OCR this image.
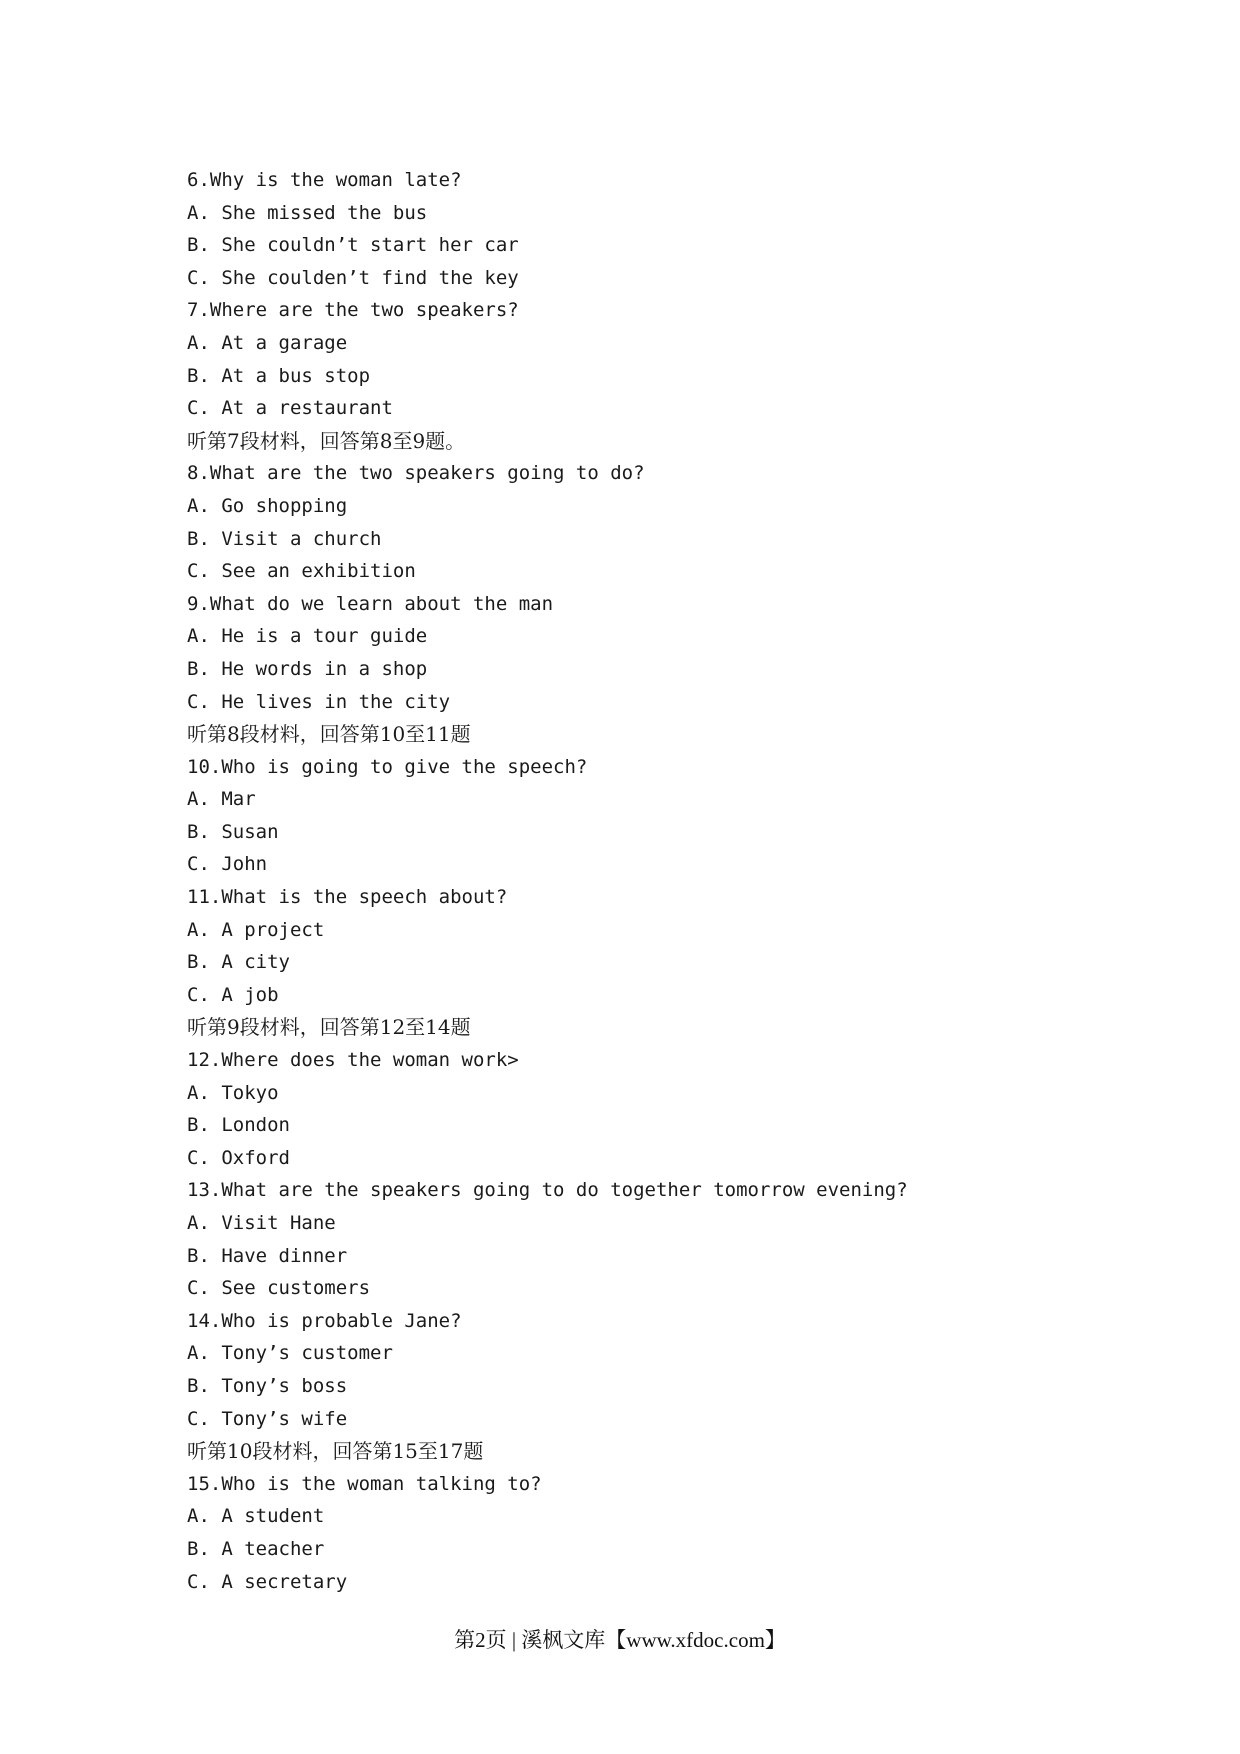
6.Why is the woman late?
A. She missed the bus
B. She couldn’t start her car
C. She coulden’t find the key
7.Where are the two speakers?
A. At a garage
B. At a bus stop
C. At a restaurant
听第7段材料，回答第8至9题。
8.What are the two speakers going to do?
A. Go shopping
B. Visit a church
C. See an exhibition
9.What do we learn about the man
A. He is a tour guide
B. He words in a shop
C. He lives in the city
听第8段材料，回答第10至11题
10.Who is going to give the speech?
A. Mar
B. Susan
C. John
11.What is the speech about?
A. A project
B. A city
C. A job
听第9段材料，回答第12至14题
12.Where does the woman work>
A. Tokyo
B. London
C. Oxford
13.What are the speakers going to do together tomorrow evening?
A. Visit Hane
B. Have dinner
C. See customers
14.Who is probable Jane?
A. Tony’s customer
B. Tony’s boss
C. Tony’s wife
听第10段材料，回答第15至17题
15.Who is the woman talking to?
A. A student
B. A teacher
C. A secretary
第2页 | 溪枫文库【www.xfdoc.com】
